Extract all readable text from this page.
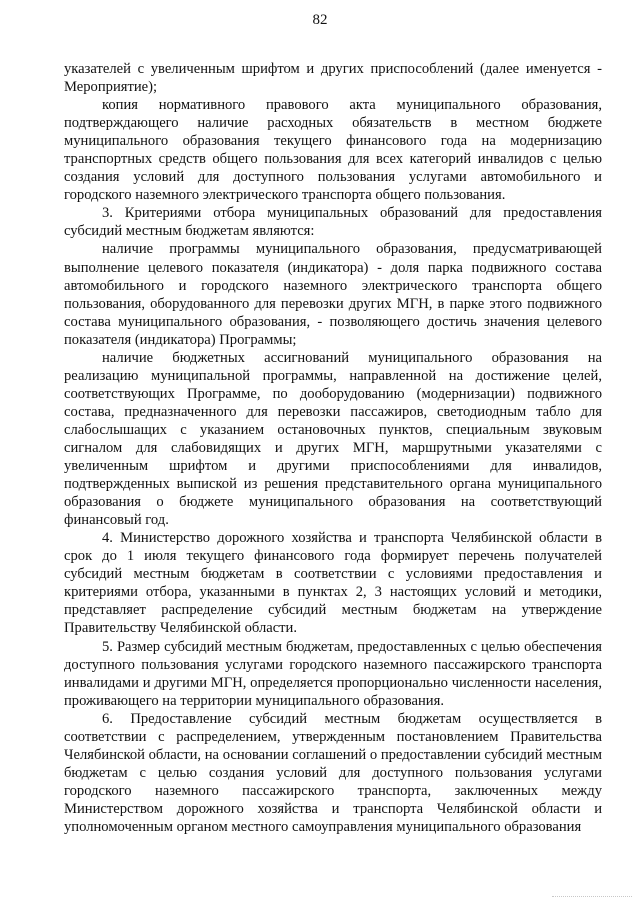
82

указателей с увеличенным шрифтом и других приспособлений (далее именуется - Мероприятие);

копия нормативного правового акта муниципального образования, подтверждающего наличие расходных обязательств в местном бюджете муниципального образования текущего финансового года на модернизацию транспортных средств общего пользования для всех категорий инвалидов с целью создания условий для доступного пользования услугами автомобильного и городского наземного электрического транспорта общего пользования.

3. Критериями отбора муниципальных образований для предоставления субсидий местным бюджетам являются:

наличие программы муниципального образования, предусматривающей выполнение целевого показателя (индикатора) - доля парка подвижного состава автомобильного и городского наземного электрического транспорта общего пользования, оборудованного для перевозки других МГН, в парке этого подвижного состава муниципального образования, - позволяющего достичь значения целевого показателя (индикатора) Программы;

наличие бюджетных ассигнований муниципального образования на реализацию муниципальной программы, направленной на достижение целей, соответствующих Программе, по дооборудованию (модернизации) подвижного состава, предназначенного для перевозки пассажиров, светодиодным табло для слабослышащих с указанием остановочных пунктов, специальным звуковым сигналом для слабовидящих и других МГН, маршрутными указателями с увеличенным шрифтом и другими приспособлениями для инвалидов, подтвержденных выпиской из решения представительного органа муниципального образования о бюджете муниципального образования на соответствующий финансовый год.

4. Министерство дорожного хозяйства и транспорта Челябинской области в срок до 1 июля текущего финансового года формирует перечень получателей субсидий местным бюджетам в соответствии с условиями предоставления и критериями отбора, указанными в пунктах 2, 3 настоящих условий и методики, представляет распределение субсидий местным бюджетам на утверждение Правительству Челябинской области.

5. Размер субсидий местным бюджетам, предоставленных с целью обеспечения доступного пользования услугами городского наземного пассажирского транспорта инвалидами и другими МГН, определяется пропорционально численности населения, проживающего на территории муниципального образования.

6. Предоставление субсидий местным бюджетам осуществляется в соответствии с распределением, утвержденным постановлением Правительства Челябинской области, на основании соглашений о предоставлении субсидий местным бюджетам с целью создания условий для доступного пользования услугами городского наземного пассажирского транспорта, заключенных между Министерством дорожного хозяйства и транспорта Челябинской области и уполномоченным органом местного самоуправления муниципального образования
